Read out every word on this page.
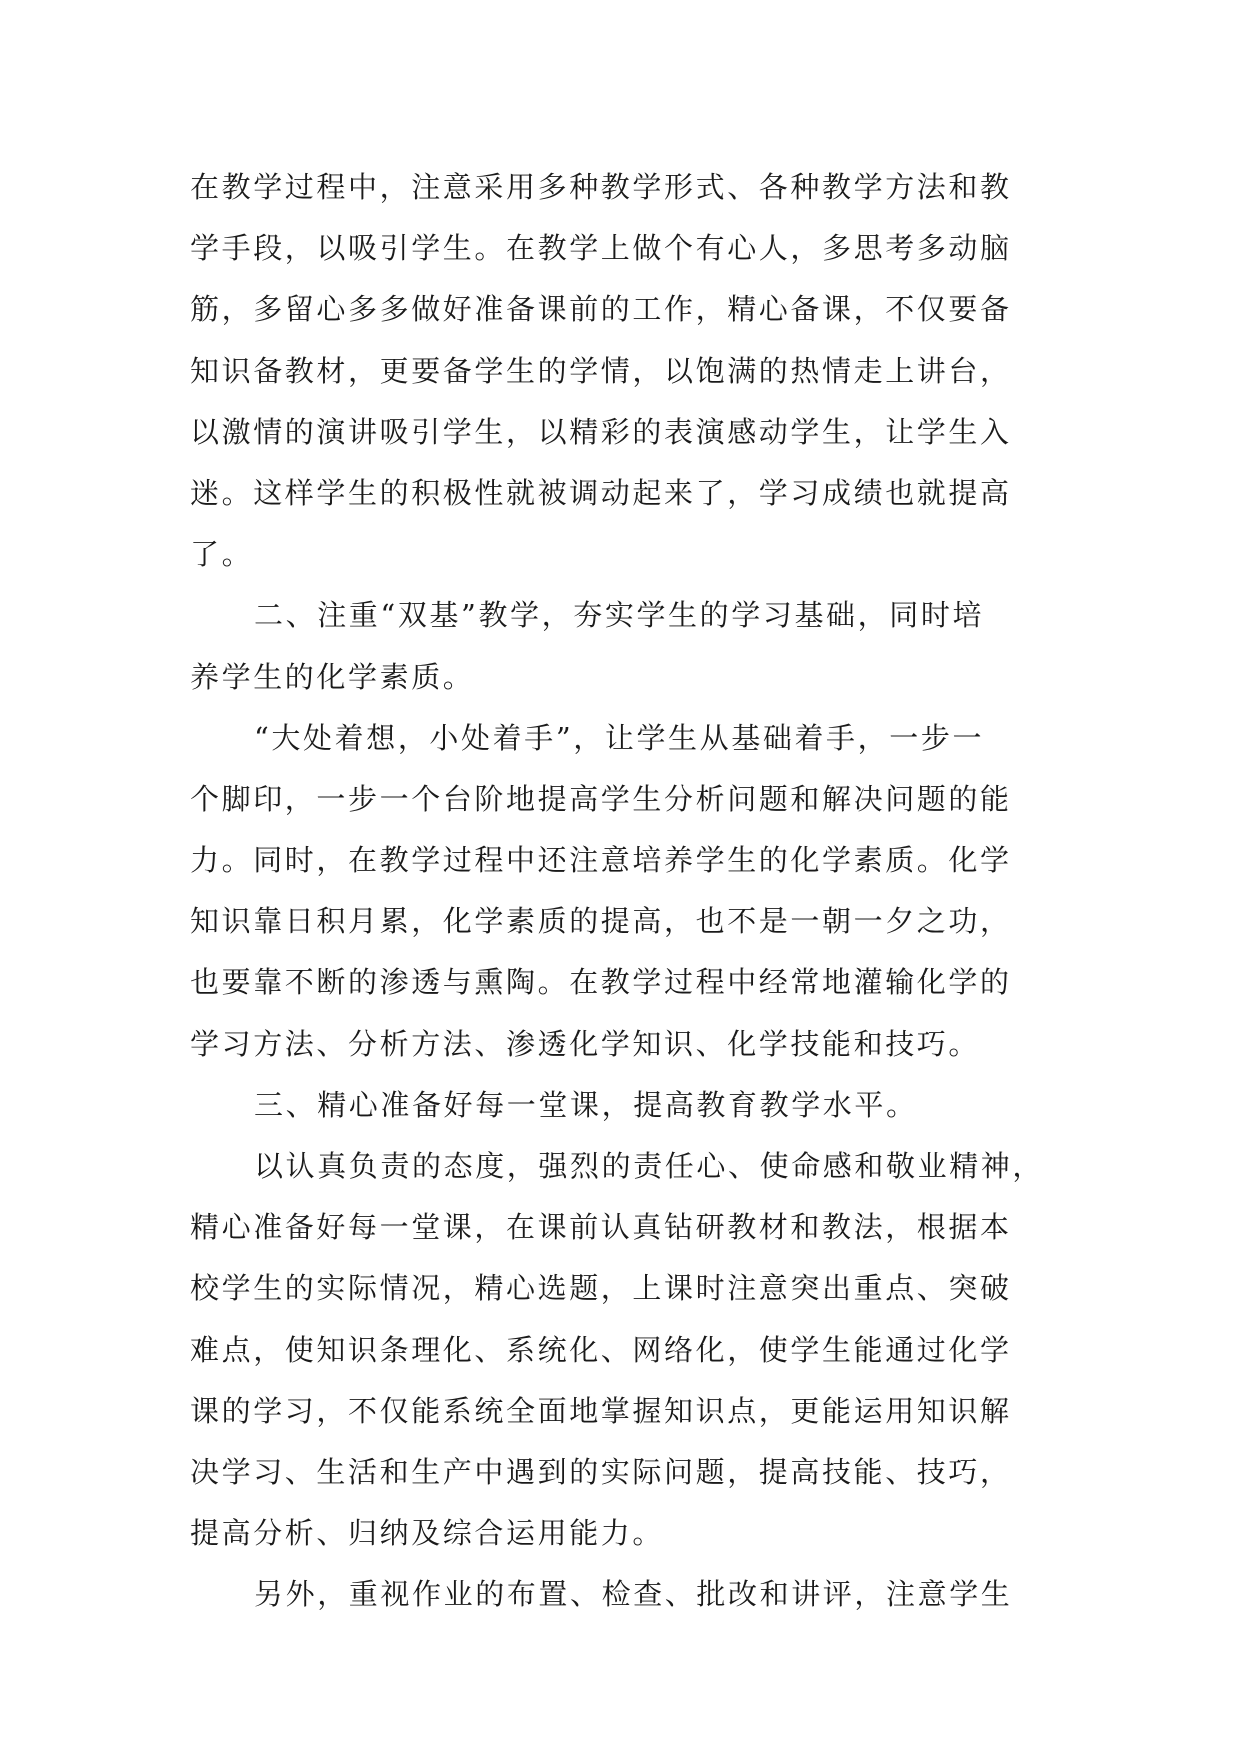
在教学过程中，注意采用多种教学形式、各种教学方法和教
学手段，以吸引学生。在教学上做个有心人，多思考多动脑
筋，多留心多多做好准备课前的工作，精心备课，不仅要备
知识备教材，更要备学生的学情，以饱满的热情走上讲台，
以激情的演讲吸引学生，以精彩的表演感动学生，让学生入
迷。这样学生的积极性就被调动起来了，学习成绩也就提高
了。
二、注重“双基”教学，夯实学生的学习基础，同时培
养学生的化学素质。
“大处着想，小处着手”，让学生从基础着手，一步一
个脚印，一步一个台阶地提高学生分析问题和解决问题的能
力。同时，在教学过程中还注意培养学生的化学素质。化学
知识靠日积月累，化学素质的提高，也不是一朝一夕之功，
也要靠不断的渗透与熏陶。在教学过程中经常地灌输化学的
学习方法、分析方法、渗透化学知识、化学技能和技巧。
三、精心准备好每一堂课，提高教育教学水平。
以认真负责的态度，强烈的责任心、使命感和敬业精神，
精心准备好每一堂课，在课前认真钻研教材和教法，根据本
校学生的实际情况，精心选题，上课时注意突出重点、突破
难点，使知识条理化、系统化、网络化，使学生能通过化学
课的学习，不仅能系统全面地掌握知识点，更能运用知识解
决学习、生活和生产中遇到的实际问题，提高技能、技巧，
提高分析、归纳及综合运用能力。
另外，重视作业的布置、检查、批改和讲评，注意学生
